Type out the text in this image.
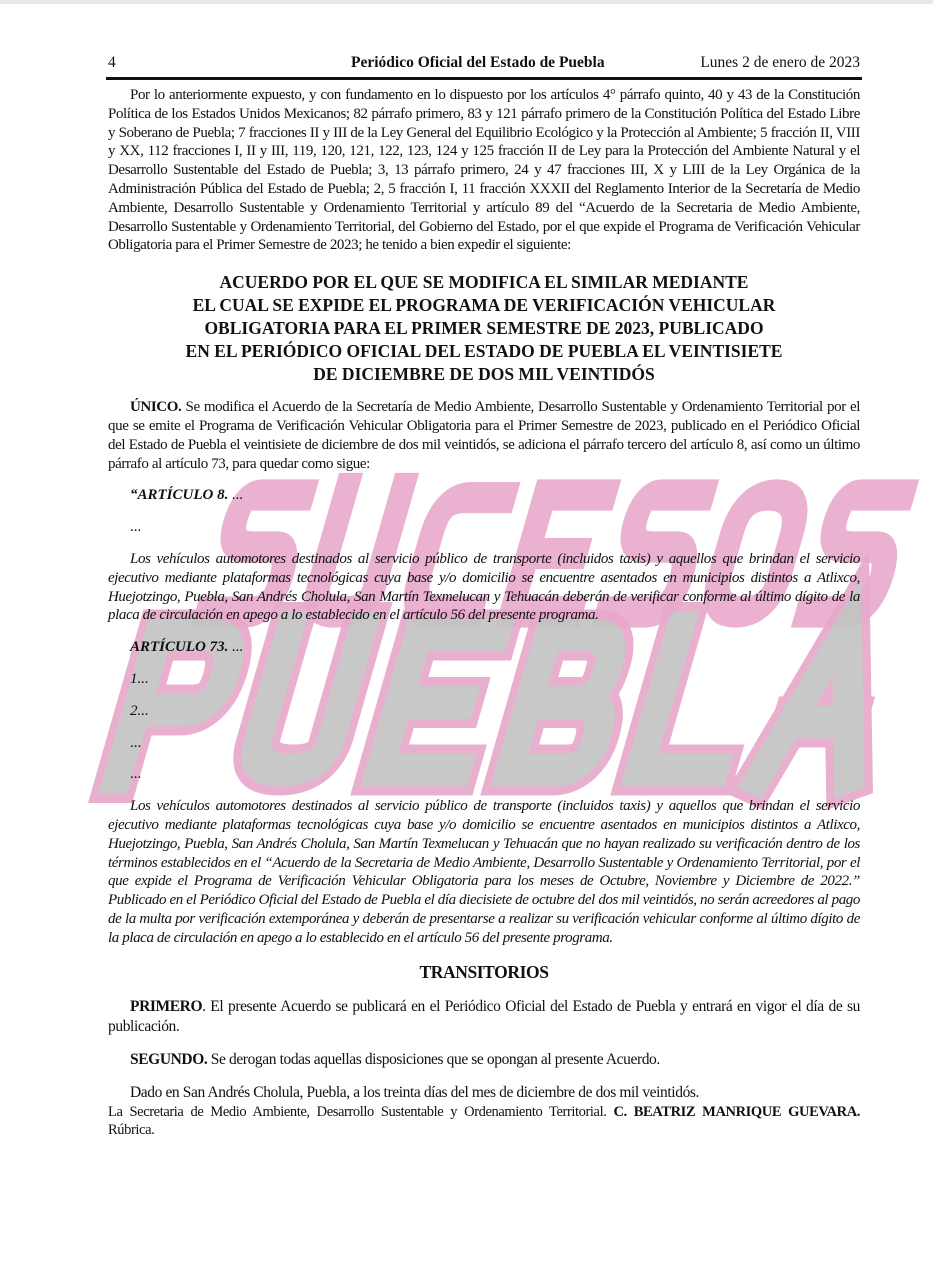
4	Periódico Oficial del Estado de Puebla	Lunes 2 de enero de 2023

Por lo anteriormente expuesto, y con fundamento en lo dispuesto por los artículos 4° párrafo quinto, 40 y 43 de la Constitución Política de los Estados Unidos Mexicanos; 82 párrafo primero, 83 y 121 párrafo primero de la Constitución Política del Estado Libre y Soberano de Puebla; 7 fracciones II y III de la Ley General del Equilibrio Ecológico y la Protección al Ambiente; 5 fracción II, VIII y XX, 112 fracciones I, II y III, 119, 120, 121, 122, 123, 124 y 125 fracción II de Ley para la Protección del Ambiente Natural y el Desarrollo Sustentable del Estado de Puebla; 3, 13 párrafo primero, 24 y 47 fracciones III, X y LIII de la Ley Orgánica de la Administración Pública del Estado de Puebla; 2, 5 fracción I, 11 fracción XXXII del Reglamento Interior de la Secretaría de Medio Ambiente, Desarrollo Sustentable y Ordenamiento Territorial y artículo 89 del “Acuerdo de la Secretaria de Medio Ambiente, Desarrollo Sustentable y Ordenamiento Territorial, del Gobierno del Estado, por el que expide el Programa de Verificación Vehicular Obligatoria para el Primer Semestre de 2023; he tenido a bien expedir el siguiente:

ACUERDO POR EL QUE SE MODIFICA EL SIMILAR MEDIANTE
EL CUAL SE EXPIDE EL PROGRAMA DE VERIFICACIÓN VEHICULAR
OBLIGATORIA PARA EL PRIMER SEMESTRE DE 2023, PUBLICADO
EN EL PERIÓDICO OFICIAL DEL ESTADO DE PUEBLA EL VEINTISIETE
DE DICIEMBRE DE DOS MIL VEINTIDÓS

ÚNICO. Se modifica el Acuerdo de la Secretaría de Medio Ambiente, Desarrollo Sustentable y Ordenamiento Territorial por el que se emite el Programa de Verificación Vehicular Obligatoria para el Primer Semestre de 2023, publicado en el Periódico Oficial del Estado de Puebla el veintisiete de diciembre de dos mil veintidós, se adiciona el párrafo tercero del artículo 8, así como un último párrafo al artículo 73, para quedar como sigue:

“ARTÍCULO 8. ...

...

Los vehículos automotores destinados al servicio público de transporte (incluidos taxis) y aquellos que brindan el servicio ejecutivo mediante plataformas tecnológicas cuya base y/o domicilio se encuentre asentados en municipios distintos a Atlixco, Huejotzingo, Puebla, San Andrés Cholula, San Martín Texmelucan y Tehuacán deberán de verificar conforme al último dígito de la placa de circulación en apego a lo establecido en el artículo 56 del presente programa.

ARTÍCULO 73. ...

1...

2...

...

...

Los vehículos automotores destinados al servicio público de transporte (incluidos taxis) y aquellos que brindan el servicio ejecutivo mediante plataformas tecnológicas cuya base y/o domicilio se encuentre asentados en municipios distintos a Atlixco, Huejotzingo, Puebla, San Andrés Cholula, San Martín Texmelucan y Tehuacán que no hayan realizado su verificación dentro de los términos establecidos en el “Acuerdo de la Secretaria de Medio Ambiente, Desarrollo Sustentable y Ordenamiento Territorial, por el que expide el Programa de Verificación Vehicular Obligatoria para los meses de Octubre, Noviembre y Diciembre de 2022.” Publicado en el Periódico Oficial del Estado de Puebla el día diecisiete de octubre del dos mil veintidós, no serán acreedores al pago de la multa por verificación extemporánea y deberán de presentarse a realizar su verificación vehicular conforme al último dígito de la placa de circulación en apego a lo establecido en el artículo 56 del presente programa.

TRANSITORIOS

PRIMERO. El presente Acuerdo se publicará en el Periódico Oficial del Estado de Puebla y entrará en vigor el día de su publicación.

SEGUNDO. Se derogan todas aquellas disposiciones que se opongan al presente Acuerdo.

Dado en San Andrés Cholula, Puebla, a los treinta días del mes de diciembre de dos mil veintidós.

La Secretaria de Medio Ambiente, Desarrollo Sustentable y Ordenamiento Territorial. C. BEATRIZ MANRIQUE GUEVARA. Rúbrica.
